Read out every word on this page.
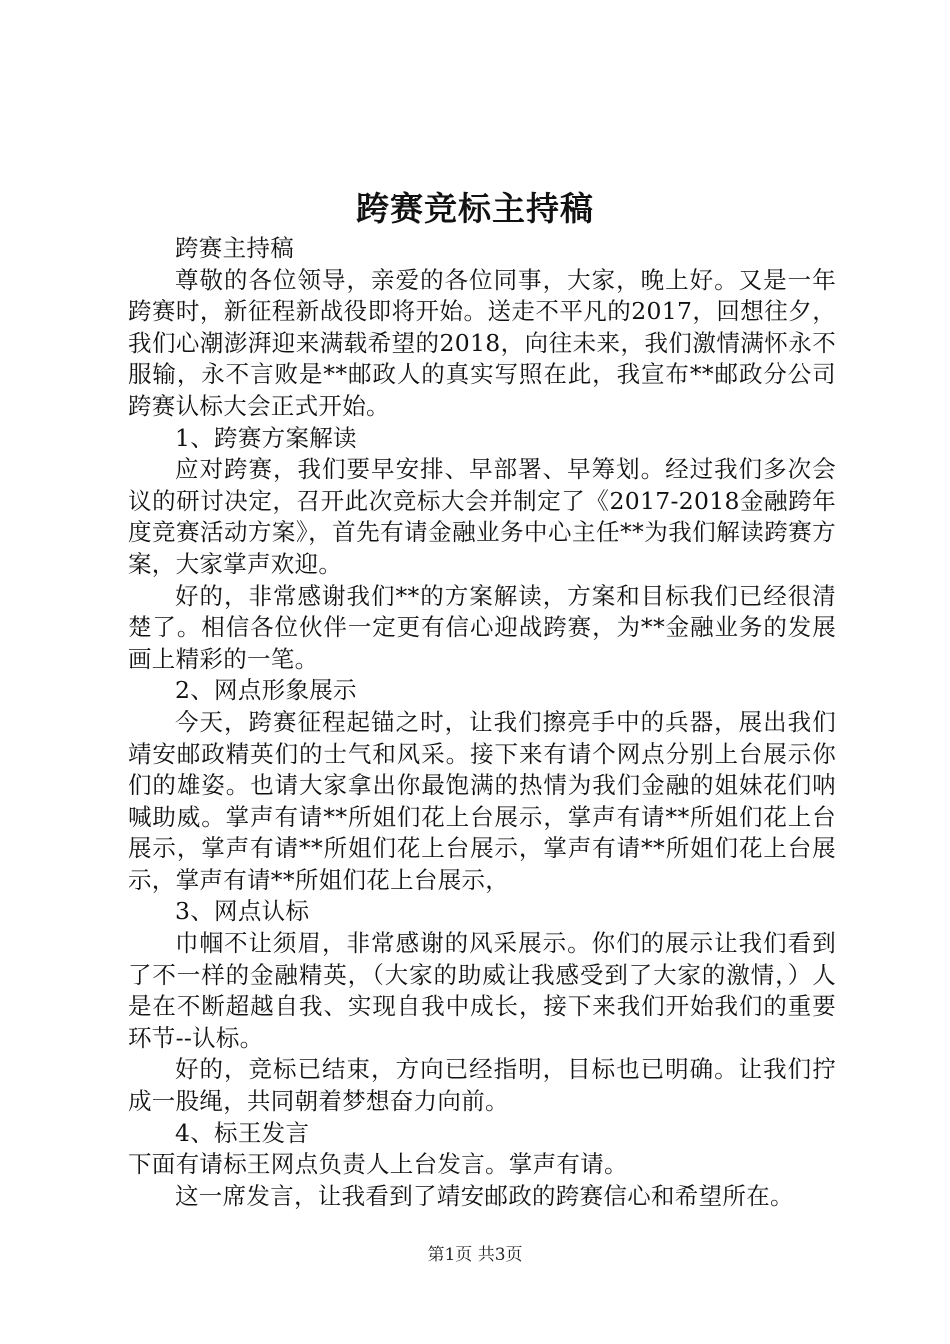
跨赛竞标主持稿

跨赛主持稿

尊敬的各位领导，亲爱的各位同事，大家，晚上好。又是一年跨赛时，新征程新战役即将开始。送走不平凡的2017，回想往夕，我们心潮澎湃迎来满载希望的2018，向往未来，我们激情满怀永不服输，永不言败是**邮政人的真实写照在此，我宣布**邮政分公司跨赛认标大会正式开始。

1、跨赛方案解读

应对跨赛，我们要早安排、早部署、早筹划。经过我们多次会议的研讨决定，召开此次竞标大会并制定了《2017-2018金融跨年度竞赛活动方案》，首先有请金融业务中心主任**为我们解读跨赛方案，大家掌声欢迎。

好的，非常感谢我们**的方案解读，方案和目标我们已经很清楚了。相信各位伙伴一定更有信心迎战跨赛，为**金融业务的发展画上精彩的一笔。

2、网点形象展示

今天，跨赛征程起锚之时，让我们擦亮手中的兵器，展出我们靖安邮政精英们的士气和风采。接下来有请个网点分别上台展示你们的雄姿。也请大家拿出你最饱满的热情为我们金融的姐妹花们呐喊助威。掌声有请**所姐们花上台展示，掌声有请**所姐们花上台展示，掌声有请**所姐们花上台展示，掌声有请**所姐们花上台展示，掌声有请**所姐们花上台展示，

3、网点认标

巾帼不让须眉，非常感谢的风采展示。你们的展示让我们看到了不一样的金融精英，（大家的助威让我感受到了大家的激情，）人是在不断超越自我、实现自我中成长，接下来我们开始我们的重要环节--认标。

好的，竞标已结束，方向已经指明，目标也已明确。让我们拧成一股绳，共同朝着梦想奋力向前。

4、标王发言

下面有请标王网点负责人上台发言。掌声有请。

这一席发言，让我看到了靖安邮政的跨赛信心和希望所在。

第1页 共3页
